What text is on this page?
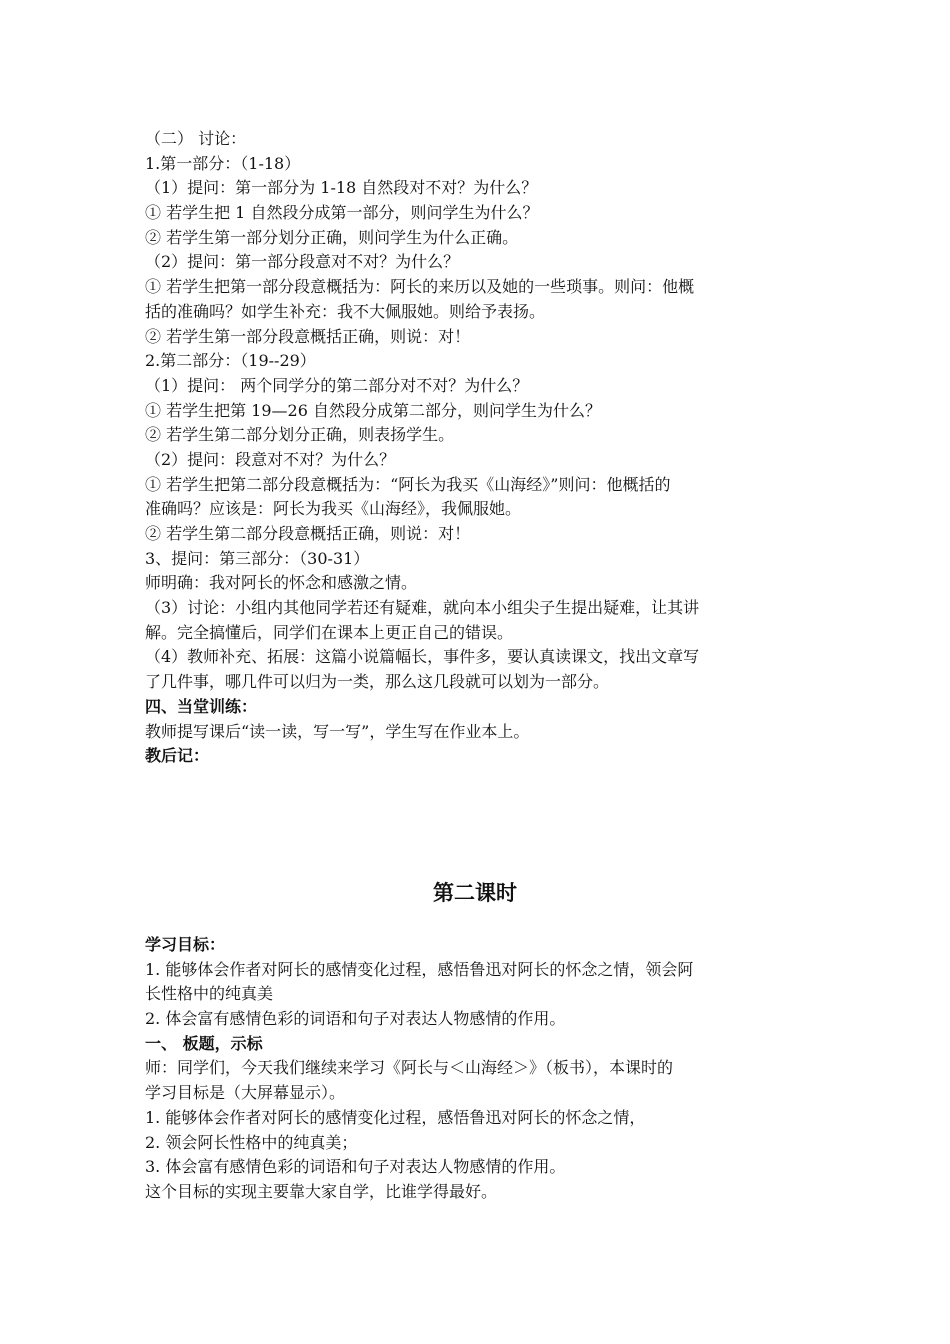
（二） 讨论：
1.第一部分：（1-18）
（1）提问：第一部分为 1-18 自然段对不对？为什么？
① 若学生把 1 自然段分成第一部分，则问学生为什么？
② 若学生第一部分划分正确，则问学生为什么正确。
（2）提问：第一部分段意对不对？为什么？
① 若学生把第一部分段意概括为：阿长的来历以及她的一些琐事。则问：他概
括的准确吗？如学生补充：我不大佩服她。则给予表扬。
② 若学生第一部分段意概括正确，则说：对！
2.第二部分：（19--29）
（1）提问： 两个同学分的第二部分对不对？为什么？
① 若学生把第 19—26 自然段分成第二部分，则问学生为什么？
② 若学生第二部分划分正确，则表扬学生。
（2）提问：段意对不对？为什么？
① 若学生把第二部分段意概括为：“阿长为我买《山海经》”则问：他概括的
准确吗？应该是：阿长为我买《山海经》，我佩服她。
② 若学生第二部分段意概括正确，则说：对！
3、提问：第三部分：（30-31）
师明确：我对阿长的怀念和感激之情。
（3）讨论：小组内其他同学若还有疑难，就向本小组尖子生提出疑难，让其讲
解。完全搞懂后，同学们在课本上更正自己的错误。
（4）教师补充、拓展：这篇小说篇幅长，事件多，要认真读课文，找出文章写
了几件事，哪几件可以归为一类，那么这几段就可以划为一部分。
四、当堂训练：
教师提写课后“读一读，写一写”，学生写在作业本上。
教后记：
第二课时
学习目标：
1. 能够体会作者对阿长的感情变化过程，感悟鲁迅对阿长的怀念之情，领会阿
长性格中的纯真美
2. 体会富有感情色彩的词语和句子对表达人物感情的作用。
一、 板题，示标
师：同学们，今天我们继续来学习《阿长与＜山海经＞》（板书），本课时的
学习目标是（大屏幕显示）。
1. 能够体会作者对阿长的感情变化过程，感悟鲁迅对阿长的怀念之情，
2. 领会阿长性格中的纯真美；
3. 体会富有感情色彩的词语和句子对表达人物感情的作用。
这个目标的实现主要靠大家自学，比谁学得最好。
